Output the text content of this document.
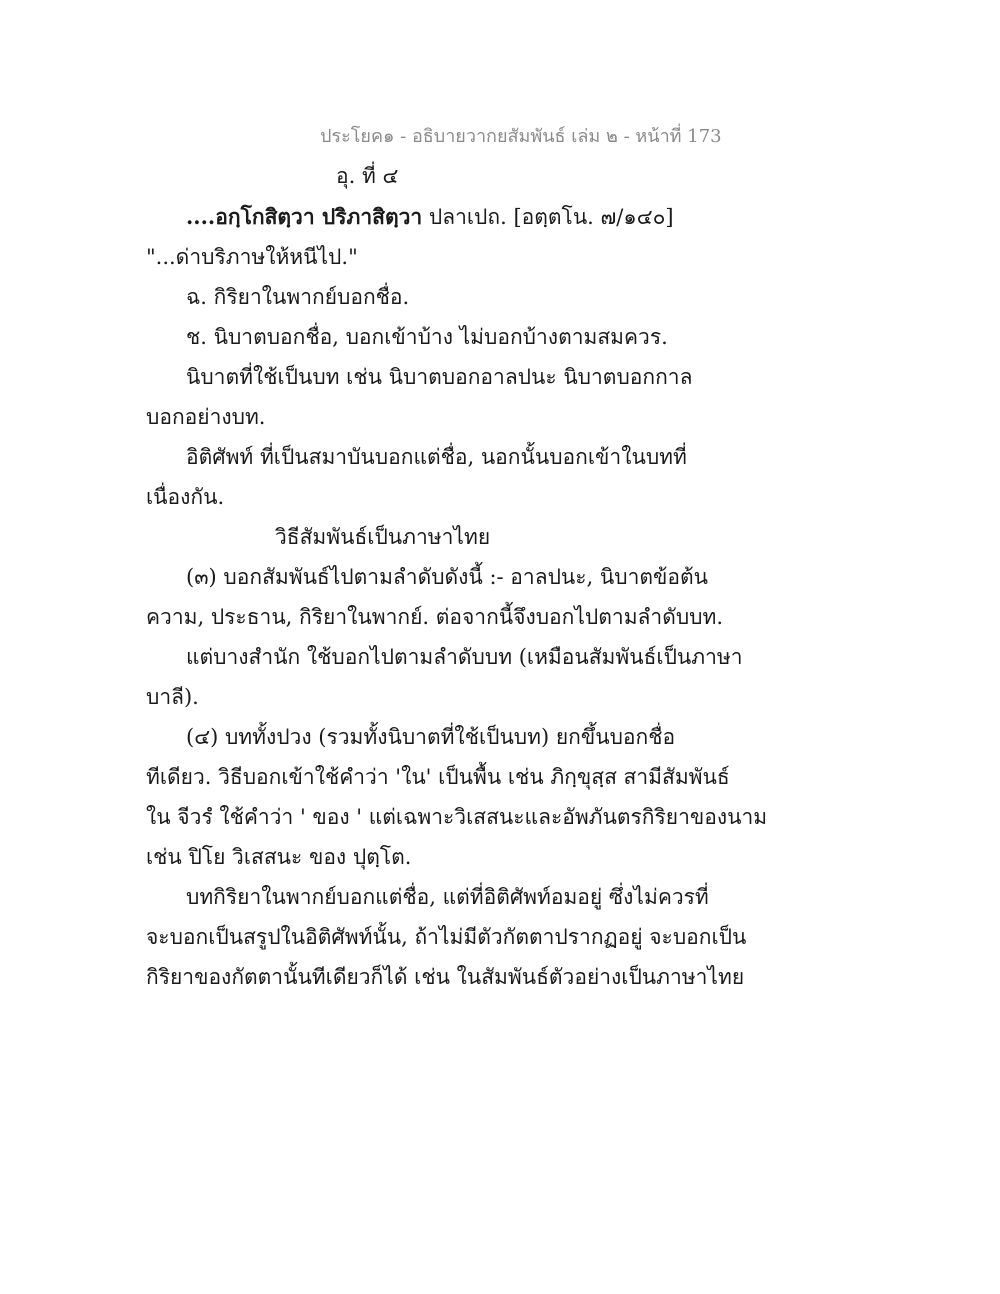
ประโยค๑ - อธิบายวากยสัมพันธ์ เล่ม ๒ - หน้าที่ 173
อุ. ที่ ๔
....อกฺโกสิตฺวา ปริภาสิตฺวา ปลาเปถ. [อตฺตโน. ๗/๑๔๐]
"...ด่าบริภาษให้หนีไป."
ฉ. กิริยาในพากย์บอกชื่อ.
ช. นิบาตบอกชื่อ, บอกเข้าบ้าง ไม่บอกบ้างตามสมควร.
นิบาตที่ใช้เป็นบท เช่น นิบาตบอกอาลปนะ นิบาตบอกกาล
บอกอย่างบท.
อิติศัพท์ ที่เป็นสมาบันบอกแต่ชื่อ, นอกนั้นบอกเข้าในบทที่
เนื่องกัน.
วิธีสัมพันธ์เป็นภาษาไทย
(๓) บอกสัมพันธ์ไปตามลำดับดังนี้ :- อาลปนะ, นิบาตข้อต้น
ความ, ประธาน, กิริยาในพากย์. ต่อจากนี้จึงบอกไปตามลำดับบท.
แต่บางสำนัก ใช้บอกไปตามลำดับบท (เหมือนสัมพันธ์เป็นภาษา
บาลี).
(๔) บททั้งปวง (รวมทั้งนิบาตที่ใช้เป็นบท) ยกขึ้นบอกชื่อ
ทีเดียว. วิธีบอกเข้าใช้คำว่า 'ใน' เป็นพื้น เช่น ภิกฺขุสฺส สามีสัมพันธ์
ใน จีวรํ ใช้คำว่า ' ของ ' แต่เฉพาะวิเสสนะและอัพภันตรกิริยาของนาม
เช่น ปิโย วิเสสนะ ของ ปุตฺโต.
บทกิริยาในพากย์บอกแต่ชื่อ, แต่ที่อิติศัพท์อมอยู่ ซึ่งไม่ควรที่
จะบอกเป็นสรูปในอิติศัพท์นั้น, ถ้าไม่มีตัวกัตตาปรากฏอยู่ จะบอกเป็น
กิริยาของกัตตานั้นทีเดียวก็ได้ เช่น ในสัมพันธ์ตัวอย่างเป็นภาษาไทย
